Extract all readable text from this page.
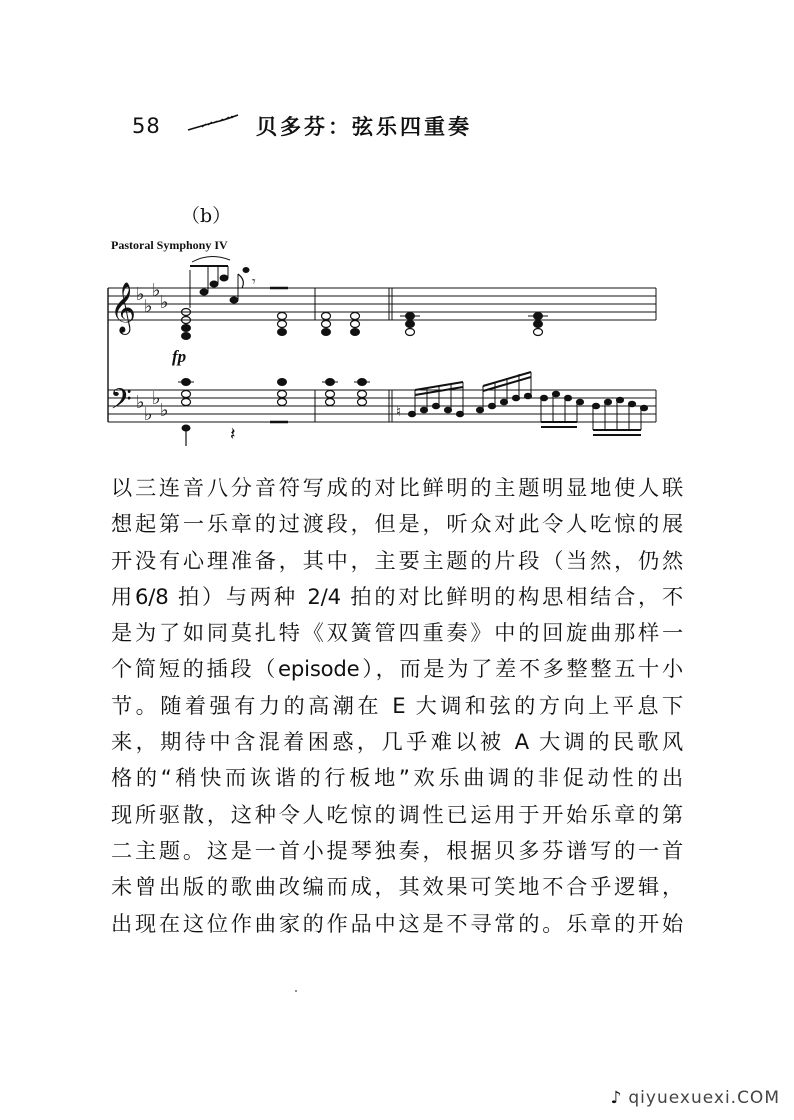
58	贝多芬：弦乐四重奏
（b）
Pastoral Symphony IV
𝄞
𝄢
♭
♭
♭
♭
♭
♭
♭
♭
𝄾
fp
𝄽
♮
以三连音八分音符写成的对比鲜明的主题明显地使人联
想起第一乐章的过渡段，但是，听众对此令人吃惊的展
开没有心理准备，其中，主要主题的片段（当然，仍然
用6/8 拍）与两种 2/4 拍的对比鲜明的构思相结合，不
是为了如同莫扎特《双簧管四重奏》中的回旋曲那样一
个简短的插段（episode），而是为了差不多整整五十小
节。随着强有力的高潮在 E 大调和弦的方向上平息下
来，期待中含混着困惑，几乎难以被 A 大调的民歌风
格的“稍快而诙谐的行板地”欢乐曲调的非促动性的出
现所驱散，这种令人吃惊的调性已运用于开始乐章的第
二主题。这是一首小提琴独奏，根据贝多芬谱写的一首
未曾出版的歌曲改编而成，其效果可笑地不合乎逻辑，
出现在这位作曲家的作品中这是不寻常的。乐章的开始
♪ qiyuexuexi.COM
